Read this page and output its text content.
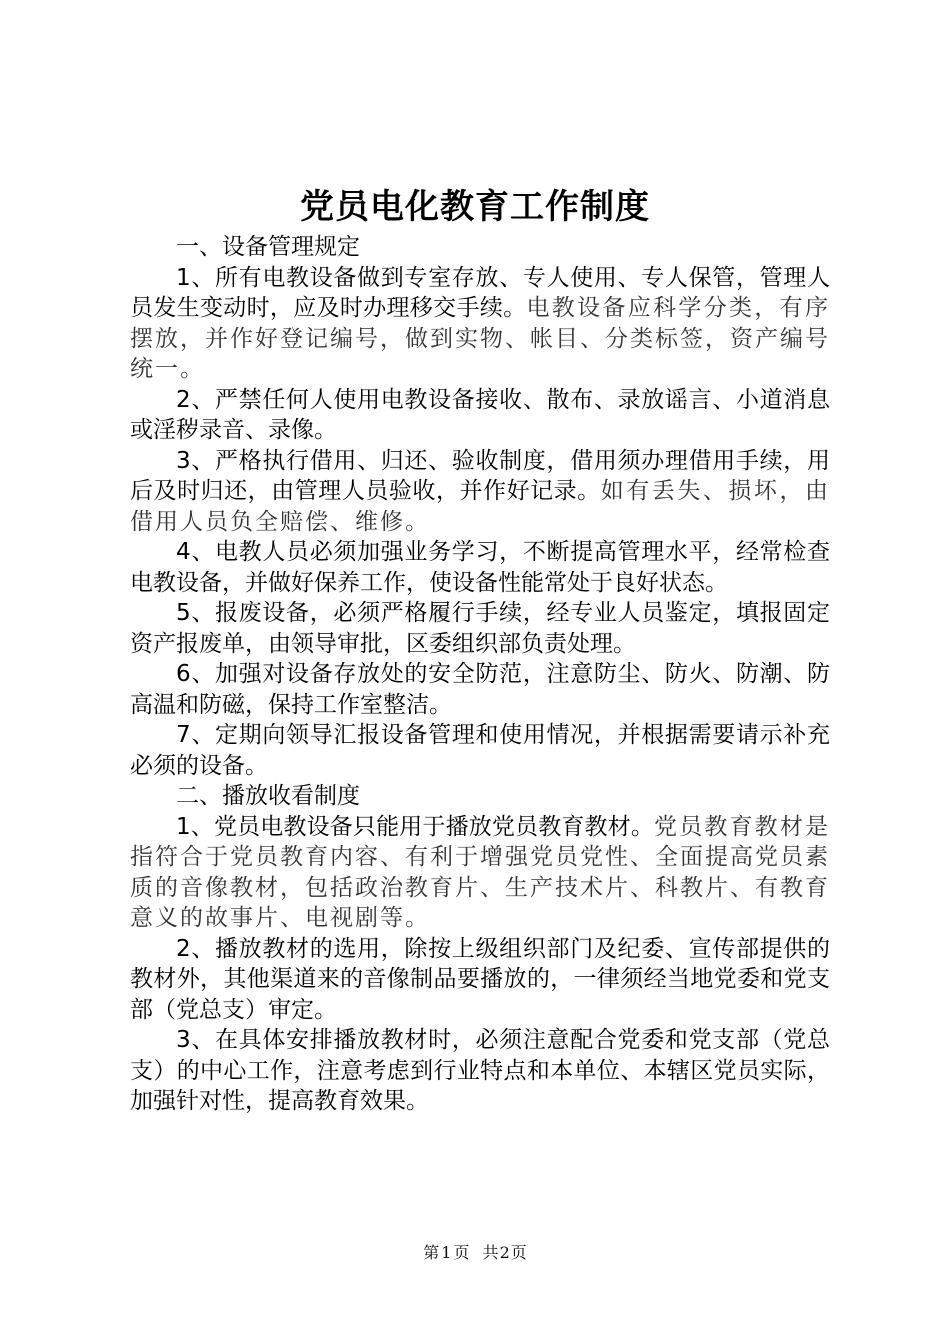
党员电化教育工作制度

一、设备管理规定

1、所有电教设备做到专室存放、专人使用、专人保管，管理人员发生变动时，应及时办理移交手续。电教设备应科学分类，有序摆放，并作好登记编号，做到实物、帐目、分类标签，资产编号统一。

2、严禁任何人使用电教设备接收、散布、录放谣言、小道消息或淫秽录音、录像。

3、严格执行借用、归还、验收制度，借用须办理借用手续，用后及时归还，由管理人员验收，并作好记录。如有丢失、损坏，由借用人员负全赔偿、维修。

4、电教人员必须加强业务学习，不断提高管理水平，经常检查电教设备，并做好保养工作，使设备性能常处于良好状态。

5、报废设备，必须严格履行手续，经专业人员鉴定，填报固定资产报废单，由领导审批，区委组织部负责处理。

6、加强对设备存放处的安全防范，注意防尘、防火、防潮、防高温和防磁，保持工作室整洁。

7、定期向领导汇报设备管理和使用情况，并根据需要请示补充必须的设备。

二、播放收看制度

1、党员电教设备只能用于播放党员教育教材。党员教育教材是指符合于党员教育内容、有利于增强党员党性、全面提高党员素质的音像教材，包括政治教育片、生产技术片、科教片、有教育意义的故事片、电视剧等。

2、播放教材的选用，除按上级组织部门及纪委、宣传部提供的教材外，其他渠道来的音像制品要播放的，一律须经当地党委和党支部（党总支）审定。

3、在具体安排播放教材时，必须注意配合党委和党支部（党总支）的中心工作，注意考虑到行业特点和本单位、本辖区党员实际，加强针对性，提高教育效果。

第 1 页 共2页
